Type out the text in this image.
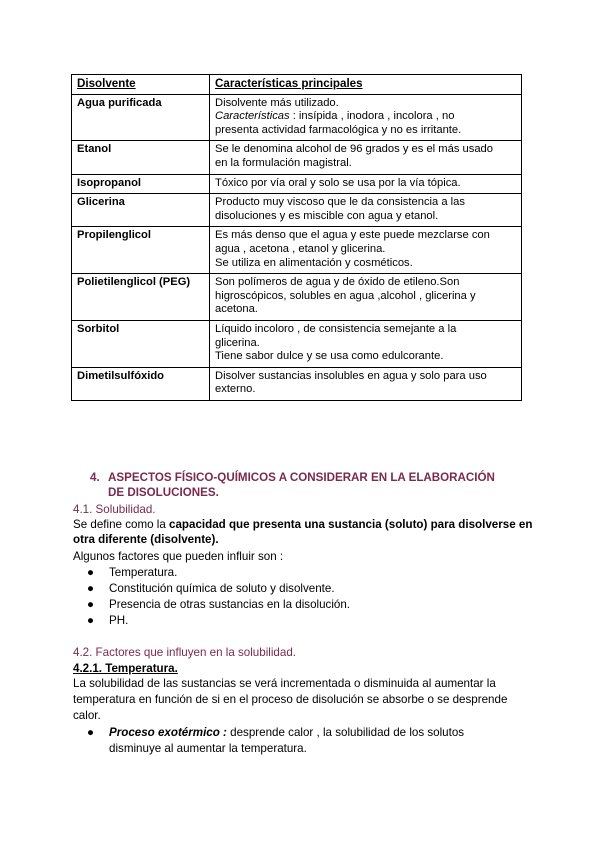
Disolvente	Características principales
Agua purificada	Disolvente más utilizado.
Características : insípida , inodora , incolora , no
presenta actividad farmacológica y no es irritante.

Etanol	Se le denomina alcohol de 96 grados y es el más usado
en la formulación magistral.

Isopropanol	Tóxico por vía oral y solo se usa por la vía tópica.

Glicerina	Producto muy viscoso que le da consistencia a las
disoluciones y es miscible con agua y etanol.

Propilenglicol	Es más denso que el agua y este puede mezclarse con
agua , acetona , etanol y glicerina.
Se utiliza en alimentación y cosméticos.

Polietilenglicol (PEG)	Son polímeros de agua y de óxido de etileno.Son
higroscópicos, solubles en agua ,alcohol , glicerina y
acetona.

Sorbitol	Líquido incoloro , de consistencia semejante a la
glicerina.
Tiene sabor dulce y se usa como edulcorante.

Dimetilsulfóxido	Disolver sustancias insolubles en agua y solo para uso
externo.
4. ASPECTOS FÍSICO-QUÍMICOS A CONSIDERAR EN LA ELABORACIÓN
DE DISOLUCIONES.
4.1. Solubilidad.
Se define como la capacidad que presenta una sustancia (soluto) para disolverse en otra diferente (disolvente).
Algunos factores que pueden influir son :
● Temperatura.
● Constitución química de soluto y disolvente.
● Presencia de otras sustancias en la disolución.
● PH.
4.2. Factores que influyen en la solubilidad.
4.2.1. Temperatura.
La solubilidad de las sustancias se verá incrementada o disminuida al aumentar la temperatura en función de si en el proceso de disolución se absorbe o se desprende calor.
● Proceso exotérmico : desprende calor , la solubilidad de los solutos
disminuye al aumentar la temperatura.
